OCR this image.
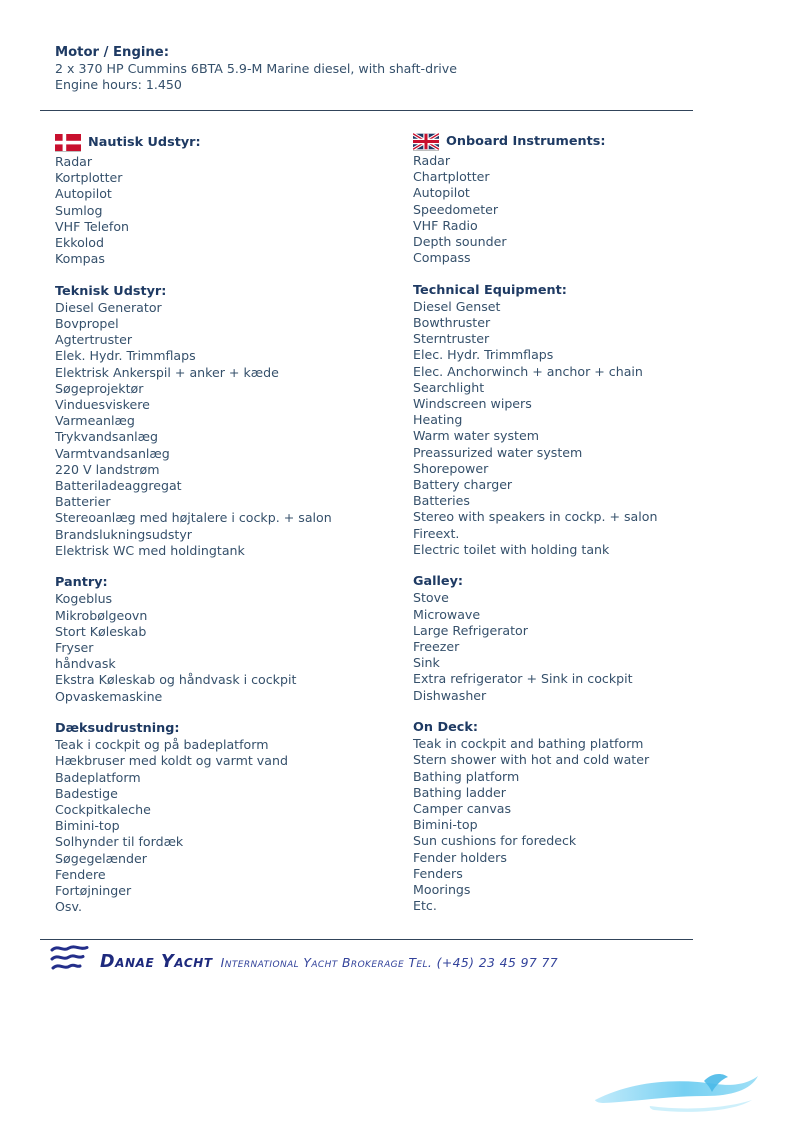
Motor / Engine:
2 x 370 HP Cummins 6BTA 5.9-M Marine diesel, with shaft-drive
Engine hours: 1.450
Nautisk Udstyr:
Radar
Kortplotter
Autopilot
Sumlog
VHF Telefon
Ekkolod
Kompas
Teknisk Udstyr:
Diesel Generator
Bovpropel
Agtertruster
Elek. Hydr. Trimmflaps
Elektrisk Ankerspil + anker + kæde
Søgeprojektør
Vinduesviskere
Varmeanlæg
Trykvandsanlæg
Varmtvandsanlæg
220 V landstrøm
Batteriladeaggregat
Batterier
Stereoanlæg med højtalere i cockp. + salon
Brandslukningsudstyr
Elektrisk WC med holdingtank
Pantry:
Kogeblus
Mikrobølgeovn
Stort Køleskab
Fryser
håndvask
Ekstra Køleskab og håndvask i cockpit
Opvaskemaskine
Dæksudrustning:
Teak i cockpit og på badeplatform
Hækbruser med koldt og varmt vand
Badeplatform
Badestige
Cockpitkaleche
Bimini-top
Solhynder til fordæk
Søgegelænder
Fendere
Fortøjninger
Osv.
Onboard Instruments:
Radar
Chartplotter
Autopilot
Speedometer
VHF Radio
Depth sounder
Compass
Technical Equipment:
Diesel Genset
Bowthruster
Sterntruster
Elec. Hydr. Trimmflaps
Elec. Anchorwinch + anchor + chain
Searchlight
Windscreen wipers
Heating
Warm water system
Preassurized water system
Shorepower
Battery charger
Batteries
Stereo with speakers in cockp. + salon
Fireext.
Electric toilet with holding tank
Galley:
Stove
Microwave
Large Refrigerator
Freezer
Sink
Extra refrigerator + Sink in cockpit
Dishwasher
On Deck:
Teak in cockpit and bathing platform
Stern shower with hot and cold water
Bathing platform
Bathing ladder
Camper canvas
Bimini-top
Sun cushions for foredeck
Fender holders
Fenders
Moorings
Etc.
Danae Yacht International Yacht Brokerage Tel. (+45) 23 45 97 77
